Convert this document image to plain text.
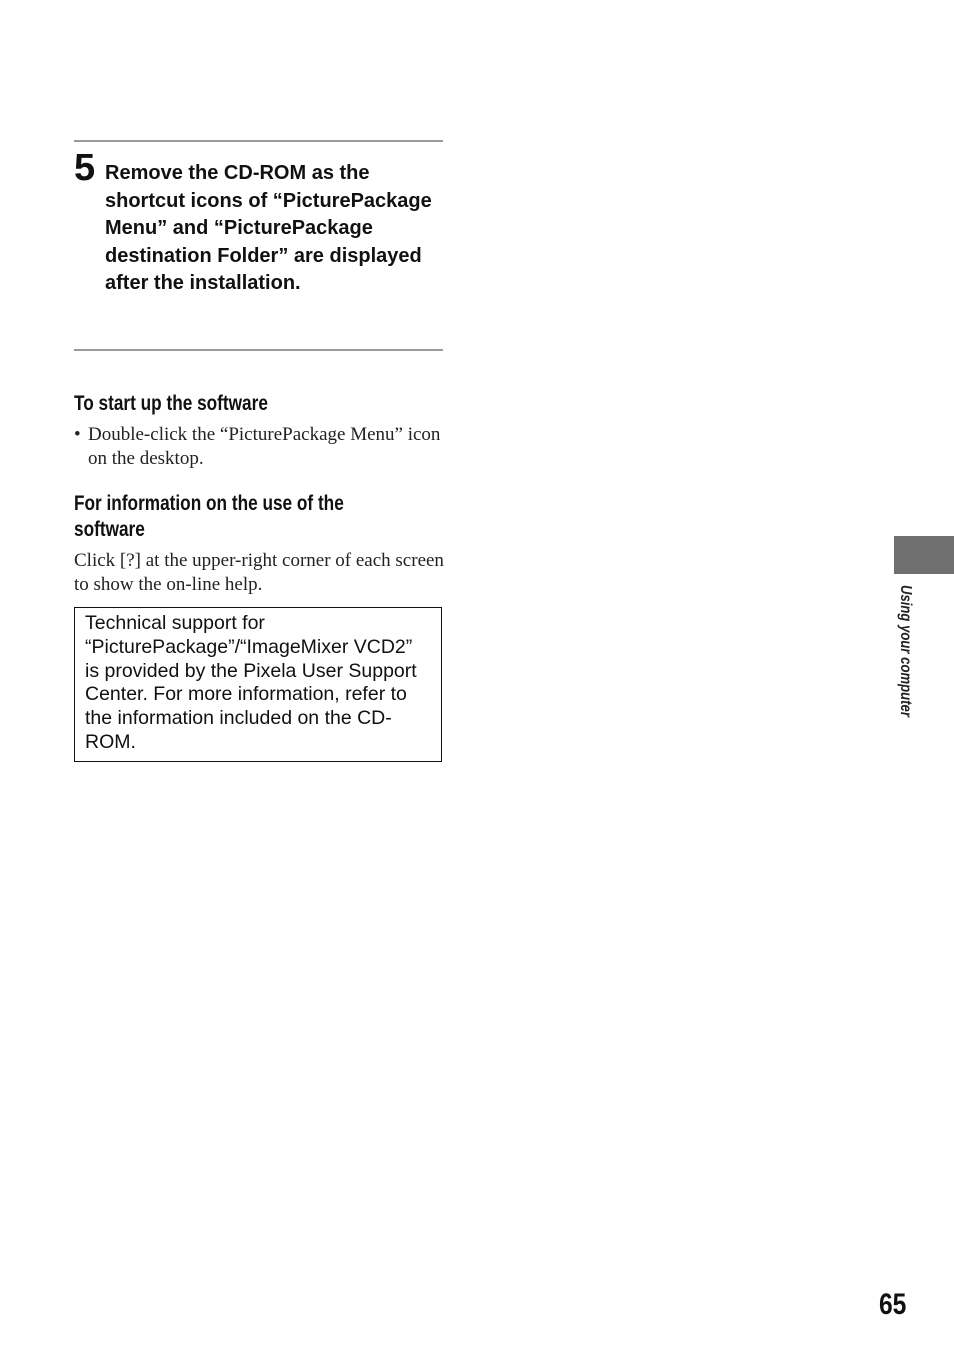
5 Remove the CD-ROM as the shortcut icons of “PicturePackage Menu” and “PicturePackage destination Folder” are displayed after the installation.
To start up the software
• Double-click the “PicturePackage Menu” icon on the desktop.
For information on the use of the
software
Click [?] at the upper-right corner of each screen to show the on-line help.
Technical support for “PicturePackage”/“ImageMixer VCD2” is provided by the Pixela User Support Center. For more information, refer to the information included on the CD-ROM.
Using your computer
65
